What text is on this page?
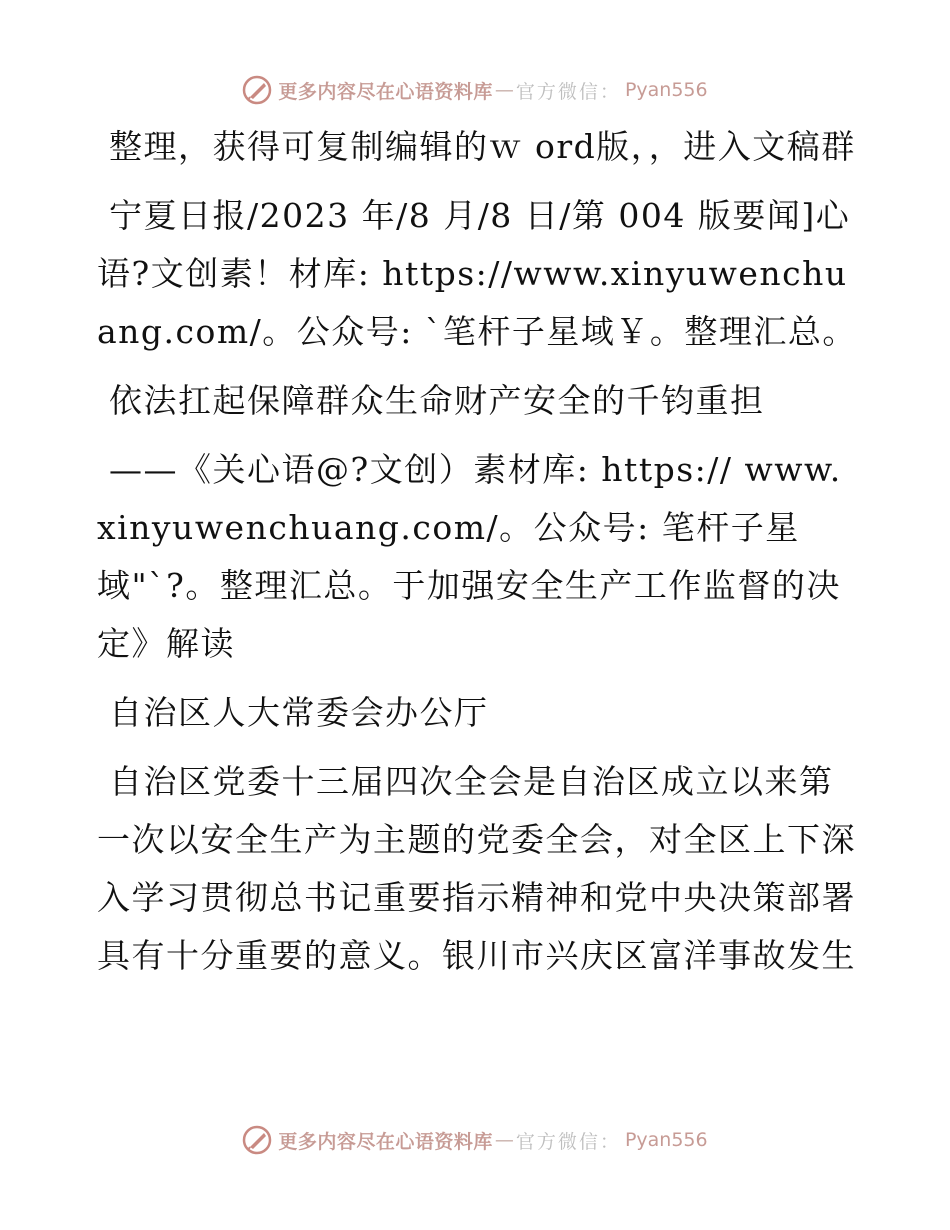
更多内容尽在心语资料库 — 官方微信： Pyan556

整理，获得可复制编辑的ｗ ord版，，进入文稿群

宁夏日报/2023 年/8 月/8 日/第 004 版要闻]心语?文创素！材库: https://www.xinyuwenchuang.com/。公众号: `笔杆子星域￥。整理汇总。

依法扛起保障群众生命财产安全的千钧重担

——《关心语@?文创）素材库: https:// www.xinyuwenchuang.com/。公众号: 笔杆子星域"`?。整理汇总。于加强安全生产工作监督的决定》解读

自治区人大常委会办公厅

自治区党委十三届四次全会是自治区成立以来第一次以安全生产为主题的党委全会，对全区上下深入学习贯彻总书记重要指示精神和党中央决策部署具有十分重要的意义。银川市兴庆区富洋事故发生

更多内容尽在心语资料库 — 官方微信： Pyan556
